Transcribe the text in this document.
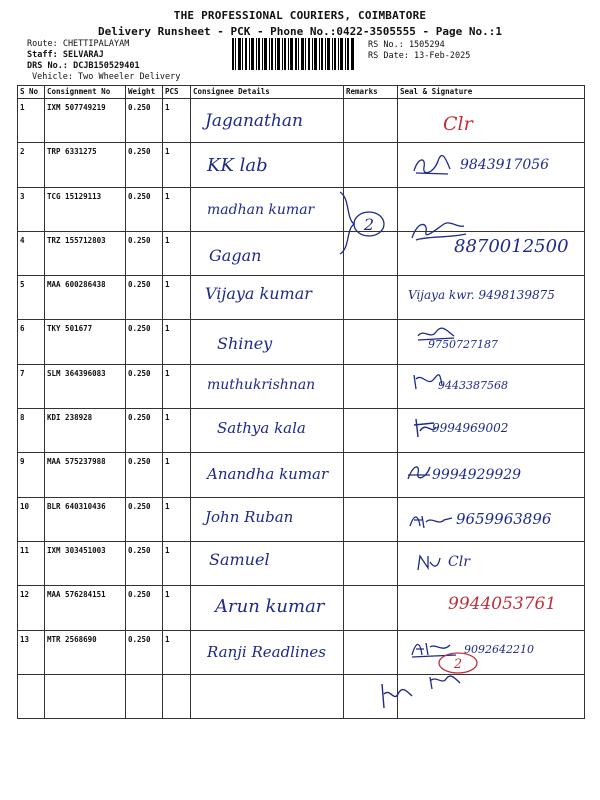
THE PROFESSIONAL COURIERS, COIMBATORE
Delivery Runsheet - PCK - Phone No.:0422-3505555 - Page No.:1
Route: CHETTIPALAYAM
Staff: SELVARAJ
DRS No.: DCJB150529401
Vehicle: Two Wheeler Delivery
RS No.: 1505294
RS Date: 13-Feb-2025
S No	Consignment No	Weight	PCS	Consignee Details	Remarks	Seal & Signature
1	IXM 507749219	0.250	1	Jaganathan		Clr

2	TRP 6331275	0.250	1	KK lab		9843917056

3	TCG 15129113	0.250	1	madhan kumar		

4	TRZ 155712803	0.250	1	Gagan		8870012500

5	MAA 600286438	0.250	1	Vijaya kumar		Vijaya kwr. 9498139875

6	TKY 501677	0.250	1	Shiney		9750727187

7	SLM 364396083	0.250	1	muthukrishnan		9443387568

8	KDI 238928	0.250	1	Sathya kala		9994969002

9	MAA 575237988	0.250	1	Anandha kumar		9994929929

10	BLR 640310436	0.250	1	John Ruban		9659963896

11	IXM 303451003	0.250	1	Samuel		Clr

12	MAA 576284151	0.250	1	Arun kumar		9944053761

13	MTR 2568690	0.250	1	Ranji Readlines		9092642210

2
2
